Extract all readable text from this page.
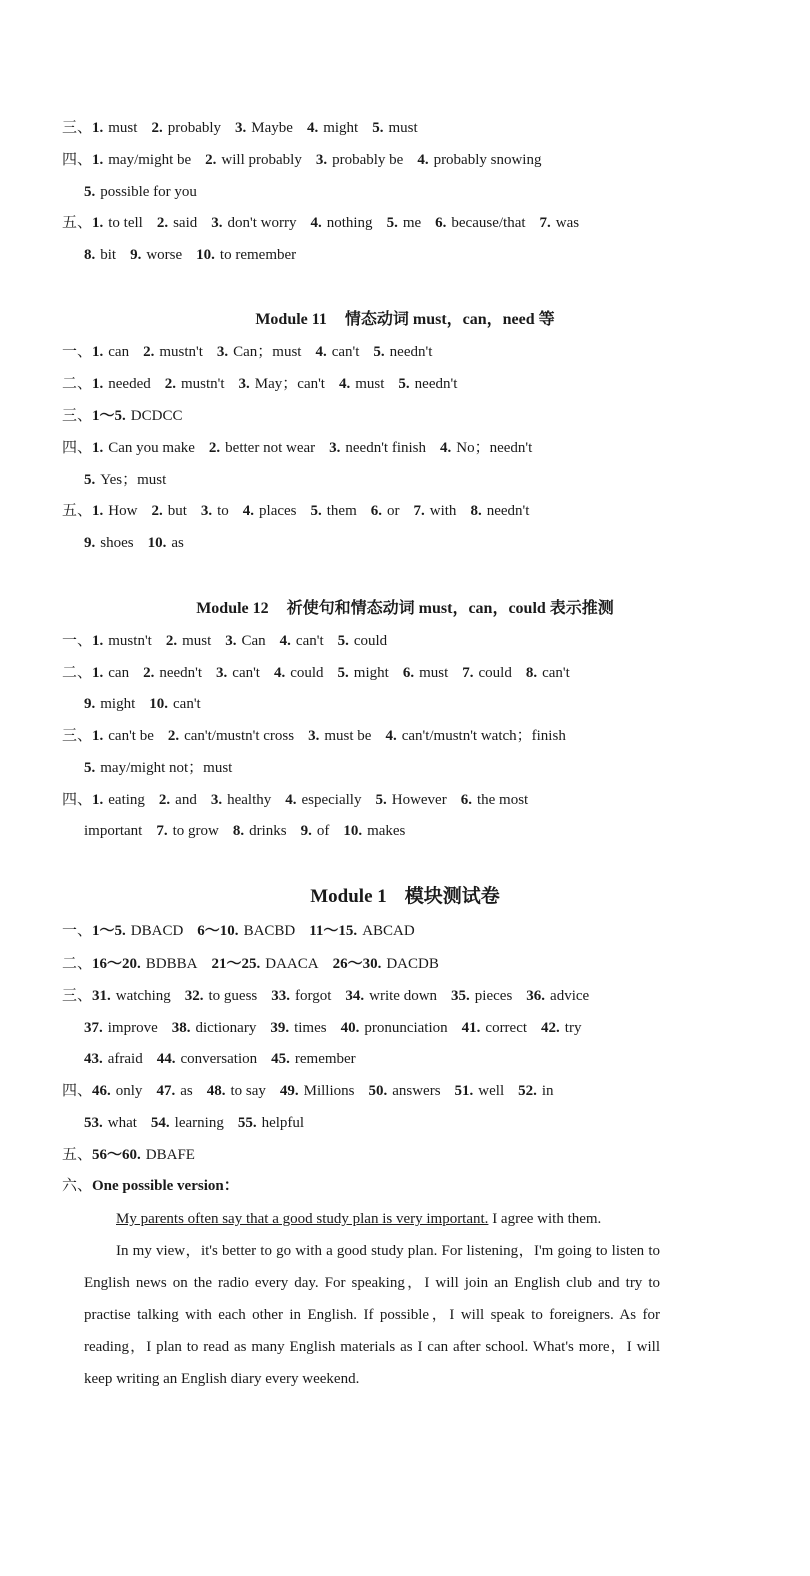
三、1. must 2. probably 3. Maybe 4. might 5. must
四、1. may/might be 2. will probably 3. probably be 4. probably snowing
5. possible for you
五、1. to tell 2. said 3. don't worry 4. nothing 5. me 6. because/that 7. was
8. bit 9. worse 10. to remember
Module 11 情态动词 must，can，need 等
一、1. can 2. mustn't 3. Can；must 4. can't 5. needn't
二、1. needed 2. mustn't 3. May；can't 4. must 5. needn't
三、1～5. DCDCC
四、1. Can you make 2. better not wear 3. needn't finish 4. No；needn't
5. Yes；must
五、1. How 2. but 3. to 4. places 5. them 6. or 7. with 8. needn't
9. shoes 10. as
Module 12 祈使句和情态动词 must，can，could 表示推测
一、1. mustn't 2. must 3. Can 4. can't 5. could
二、1. can 2. needn't 3. can't 4. could 5. might 6. must 7. could 8. can't
9. might 10. can't
三、1. can't be 2. can't/mustn't cross 3. must be 4. can't/mustn't watch；finish
5. may/might not；must
四、1. eating 2. and 3. healthy 4. especially 5. However 6. the most
important 7. to grow 8. drinks 9. of 10. makes
Module 1 模块测试卷
一、1～5. DBACD 6～10. BACBD 11～15. ABCAD
二、16～20. BDBBA 21～25. DAACA 26～30. DACDB
三、31. watching 32. to guess 33. forgot 34. write down 35. pieces 36. advice
37. improve 38. dictionary 39. times 40. pronunciation 41. correct 42. try
43. afraid 44. conversation 45. remember
四、46. only 47. as 48. to say 49. Millions 50. answers 51. well 52. in
53. what 54. learning 55. helpful
五、56～60. DBAFE
六、One possible version：

My parents often say that a good study plan is very important. I agree with them.

In my view，it's better to go with a good study plan. For listening，I'm going to listen to English news on the radio every day. For speaking，I will join an English club and try to practise talking with each other in English. If possible，I will speak to foreigners. As for reading，I plan to read as many English materials as I can after school. What's more，I will keep writing an English diary every weekend.
